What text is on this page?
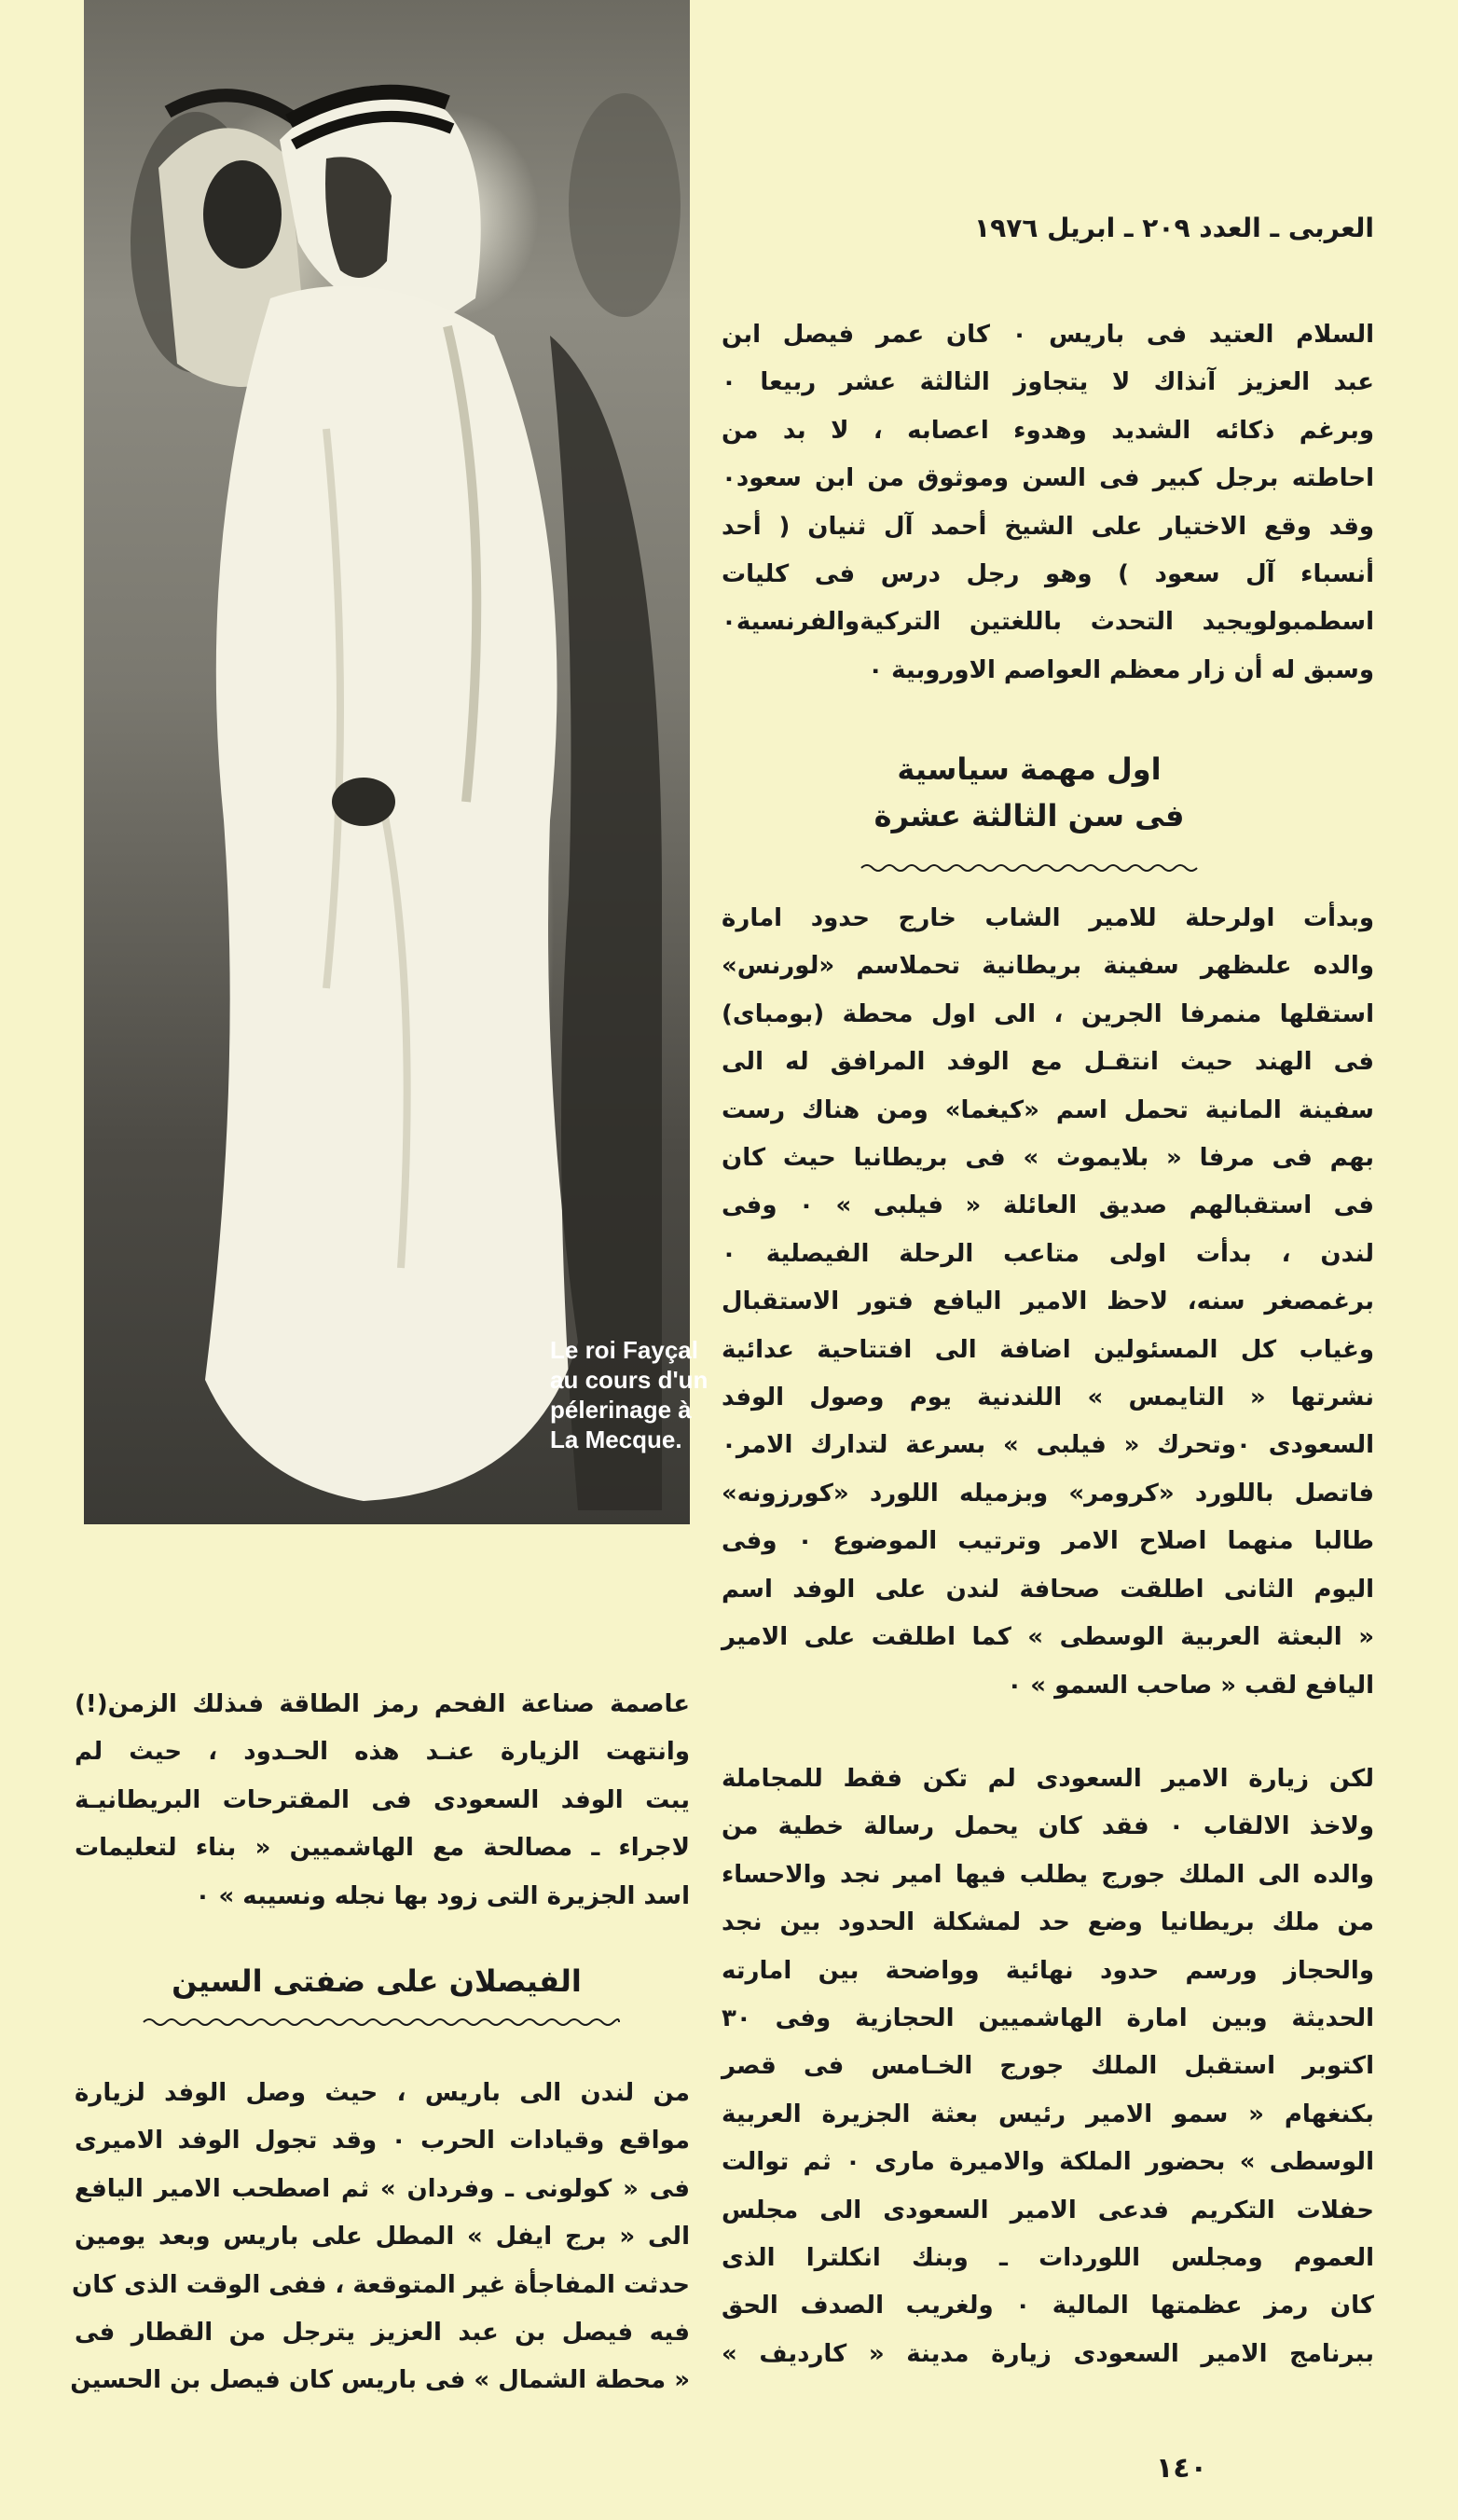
Le roi Fayçal
au cours d'un
pélerinage à
La Mecque.
العربى ـ العدد ٢٠٩ ـ ابريل ١٩٧٦
السلام العتيد فى باريس ٠ كان عمر فيصل ابن
عبد العزيز آنذاك لا يتجاوز الثالثة عشر ربيعا ٠
وبرغم ذكائه الشديد وهدوء اعصابه ، لا بد من
احاطته برجل كبير فى السن وموثوق من ابن سعود٠
وقد وقع الاختيار على الشيخ أحمد آل ثنيان ( أحد
أنسباء آل سعود ) وهو رجل درس فى كليات
اسطمبولويجيد التحدث باللغتين التركيةوالفرنسية٠
وسبق له أن زار معظم العواصم الاوروبية ٠
اول مهمة سياسية
فى سن الثالثة عشرة
وبدأت اولرحلة للامير الشاب خارج حدود امارة
والده علىظهر سفينة بريطانية تحملاسم «لورنس»
استقلها منمرفا الجرين ، الى اول محطة (بومباى)
فى الهند حيث انتقـل مع الوفد المرافق له الى
سفينة المانية تحمل اسم «كيغما» ومن هناك رست
بهم فى مرفا « بلايموث » فى بريطانيا حيث كان
فى استقبالهم صديق العائلة « فيلبى » ٠ وفى
لندن ، بدأت اولى متاعب الرحلة الفيصلية ٠
برغمصغر سنه، لاحظ الامير اليافع فتور الاستقبال
وغياب كل المسئولين اضافة الى افتتاحية عدائية
نشرتها « التايمس » اللندنية يوم وصول الوفد
السعودى ٠وتحرك « فيلبى » بسرعة لتدارك الامر٠
فاتصل باللورد «كرومر» وبزميله اللورد «كورزونه»
طالبا منهما اصلاح الامر وترتيب الموضوع ٠ وفى
اليوم الثانى اطلقت صحافة لندن على الوفد اسم
« البعثة العربية الوسطى » كما اطلقت على الامير
اليافع لقب « صاحب السمو » ٠
لكن زيارة الامير السعودى لم تكن فقط للمجاملة
ولاخذ الالقاب ٠ فقد كان يحمل رسالة خطية من
والده الى الملك جورج يطلب فيها امير نجد والاحساء
من ملك بريطانيا وضع حد لمشكلة الحدود بين نجد
والحجاز ورسم حدود نهائية وواضحة بين امارته
الحديثة وبين امارة الهاشميين الحجازية وفى ٣٠
اكتوبر استقبل الملك جورج الخـامس فى قصر
بكنغهام « سمو الامير رئيس بعثة الجزيرة العربية
الوسطى » بحضور الملكة والاميرة مارى ٠ ثم توالت
حفلات التكريم فدعى الامير السعودى الى مجلس
العموم ومجلس اللوردات ـ وبنك انكلترا الذى
كان رمز عظمتها المالية ٠ ولغريب الصدف الحق
ببرنامج الامير السعودى زيارة مدينة « كارديف »
عاصمة صناعة الفحم رمز الطاقة فىذلك الزمن(!)
وانتهت الزيارة عنـد هذه الحـدود ، حيث لم
يبت الوفد السعودى فى المقترحات البريطانيـة
لاجراء ـ مصالحة مع الهاشميين « بناء لتعليمات
اسد الجزيرة التى زود بها نجله ونسيبه » ٠
الفيصلان على ضفتى السين
من لندن الى باريس ، حيث وصل الوفد لزيارة
مواقع وقيادات الحرب ٠ وقد تجول الوفد الاميرى
فى « كولونى ـ وفردان » ثم اصطحب الامير اليافع
الى « برج ايفل » المطل على باريس وبعد يومين
حدثت المفاجأة غير المتوقعة ، ففى الوقت الذى كان
فيه فيصل بن عبد العزيز يترجل من القطار فى
« محطة الشمال » فى باريس كان فيصل بن الحسين
١٤٠
